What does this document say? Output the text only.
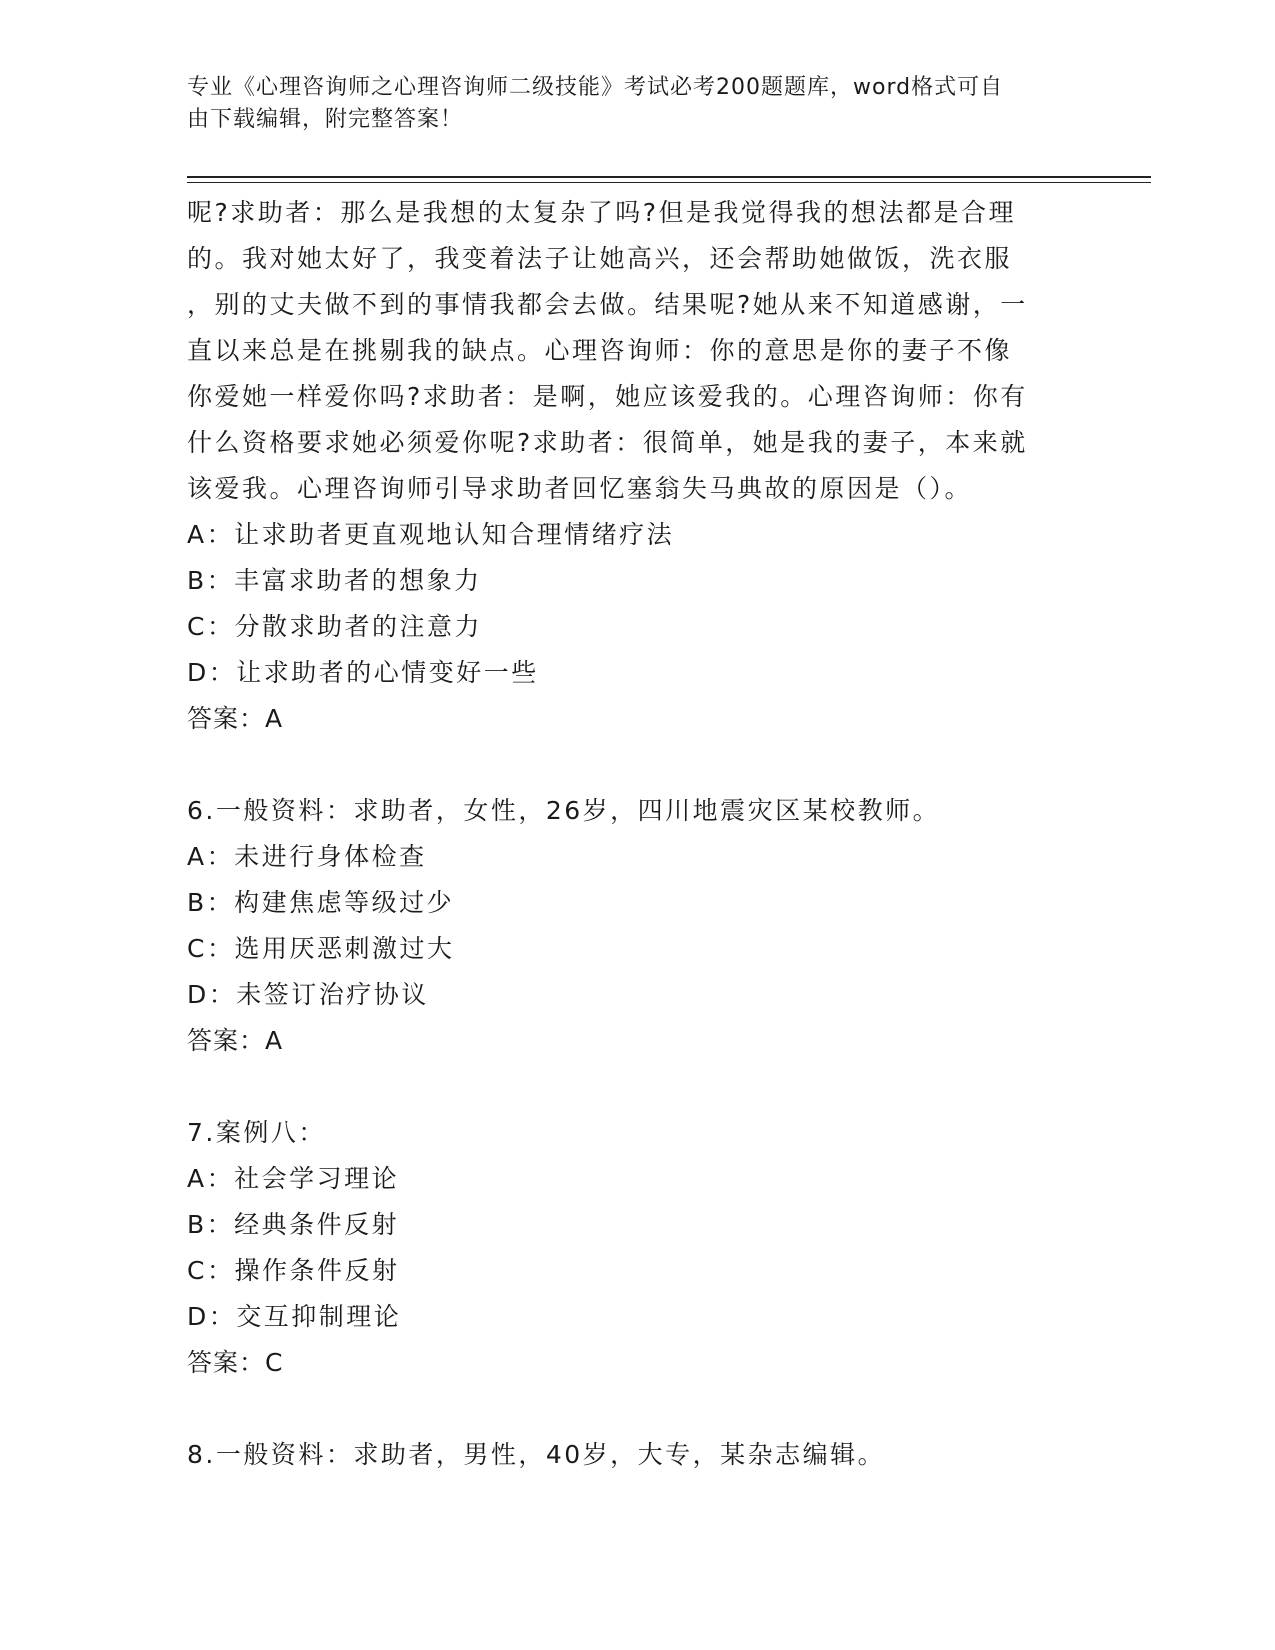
专业《心理咨询师之心理咨询师二级技能》考试必考200题题库，word格式可自
由下载编辑，附完整答案！

呢?求助者：那么是我想的太复杂了吗?但是我觉得我的想法都是合理

的。我对她太好了，我变着法子让她高兴，还会帮助她做饭，洗衣服

，别的丈夫做不到的事情我都会去做。结果呢?她从来不知道感谢，一

直以来总是在挑剔我的缺点。心理咨询师：你的意思是你的妻子不像

你爱她一样爱你吗?求助者：是啊，她应该爱我的。心理咨询师：你有

什么资格要求她必须爱你呢?求助者：很简单，她是我的妻子，本来就

该爱我。心理咨询师引导求助者回忆塞翁失马典故的原因是（）。

A：让求助者更直观地认知合理情绪疗法

B：丰富求助者的想象力

C：分散求助者的注意力

D：让求助者的心情变好一些

答案：A

6.一般资料：求助者，女性，26岁，四川地震灾区某校教师。

A：未进行身体检查

B：构建焦虑等级过少

C：选用厌恶刺激过大

D：未签订治疗协议

答案：A

7.案例八：

A：社会学习理论

B：经典条件反射

C：操作条件反射

D：交互抑制理论

答案：C

8.一般资料：求助者，男性，40岁，大专，某杂志编辑。
